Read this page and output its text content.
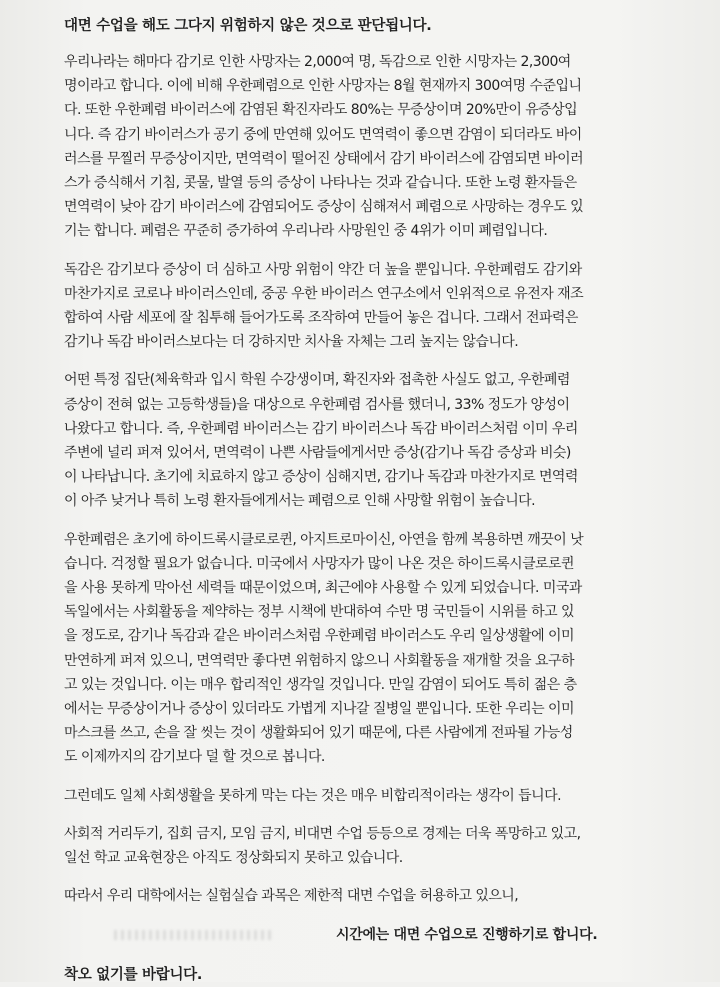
대면 수업을 해도 그다지 위험하지 않은 것으로 판단됩니다.

우리나라는 해마다 감기로 인한 사망자는 2,000여 명, 독감으로 인한 시망자는 2,300여
명이라고 합니다. 이에 비해 우한폐렴으로 인한 사망자는 8월 현재까지 300여명 수준입니
다. 또한 우한폐렴 바이러스에 감염된 확진자라도 80%는 무증상이며 20%만이 유증상입
니다. 즉 감기 바이러스가 공기 중에 만연해 있어도 면역력이 좋으면 감염이 되더라도 바이
러스를 무찔러 무증상이지만, 면역력이 떨어진 상태에서 감기 바이러스에 감염되면 바이러
스가 증식해서 기침, 콧물, 발열 등의 증상이 나타나는 것과 같습니다. 또한 노령 환자들은
면역력이 낮아 감기 바이러스에 감염되어도 증상이 심해져서 폐렴으로 사망하는 경우도 있
기는 합니다. 폐렴은 꾸준히 증가하여 우리나라 사망원인 중 4위가 이미 폐렴입니다.

독감은 감기보다 증상이 더 심하고 사망 위험이 약간 더 높을 뿐입니다. 우한폐렴도 감기와
마찬가지로 코로나 바이러스인데, 중공 우한 바이러스 연구소에서 인위적으로 유전자 재조
합하여 사람 세포에 잘 침투해 들어가도록 조작하여 만들어 놓은 겁니다. 그래서 전파력은
감기나 독감 바이러스보다는 더 강하지만 치사율 자체는 그리 높지는 않습니다.

어떤 특정 집단(체육학과 입시 학원 수강생이며, 확진자와 접촉한 사실도 없고, 우한폐렴
증상이 전혀 없는 고등학생들)을 대상으로 우한폐렴 검사를 했더니, 33% 정도가 양성이
나왔다고 합니다. 즉, 우한폐렴 바이러스는 감기 바이러스나 독감 바이러스처럼 이미 우리
주변에 널리 퍼져 있어서, 면역력이 나쁜 사람들에게서만 증상(감기나 독감 증상과 비슷)
이 나타납니다. 초기에 치료하지 않고 증상이 심해지면, 감기나 독감과 마찬가지로 면역력
이 아주 낮거나 특히 노령 환자들에게서는 폐렴으로 인해 사망할 위험이 높습니다.

우한폐렴은 초기에 하이드록시클로로퀸, 아지트로마이신, 아연을 함께 복용하면 깨끗이 낫
습니다. 걱정할 필요가 없습니다. 미국에서 사망자가 많이 나온 것은 하이드록시클로로퀸
을 사용 못하게 막아선 세력들 때문이었으며, 최근에야 사용할 수 있게 되었습니다. 미국과
독일에서는 사회활동을 제약하는 정부 시책에 반대하여 수만 명 국민들이 시위를 하고 있
을 정도로, 감기나 독감과 같은 바이러스처럼 우한폐렴 바이러스도 우리 일상생활에 이미
만연하게 퍼져 있으니, 면역력만 좋다면 위험하지 않으니 사회활동을 재개할 것을 요구하
고 있는 것입니다. 이는 매우 합리적인 생각일 것입니다. 만일 감염이 되어도 특히 젊은 층
에서는 무증상이거나 증상이 있더라도 가볍게 지나갈 질병일 뿐입니다. 또한 우리는 이미
마스크를 쓰고, 손을 잘 씻는 것이 생활화되어 있기 때문에, 다른 사람에게 전파될 가능성
도 이제까지의 감기보다 덜 할 것으로 봅니다.

그런데도 일체 사회생활을 못하게 막는 다는 것은 매우 비합리적이라는 생각이 듭니다.

사회적 거리두기, 집회 금지, 모임 금지, 비대면 수업 등등으로 경제는 더욱 폭망하고 있고,
일선 학교 교육현장은 아직도 정상화되지 못하고 있습니다.

따라서 우리 대학에서는 실험실습 과목은 제한적 대면 수업을 허용하고 있으니,

시간에는 대면 수업으로 진행하기로 합니다.

착오 없기를 바랍니다.
